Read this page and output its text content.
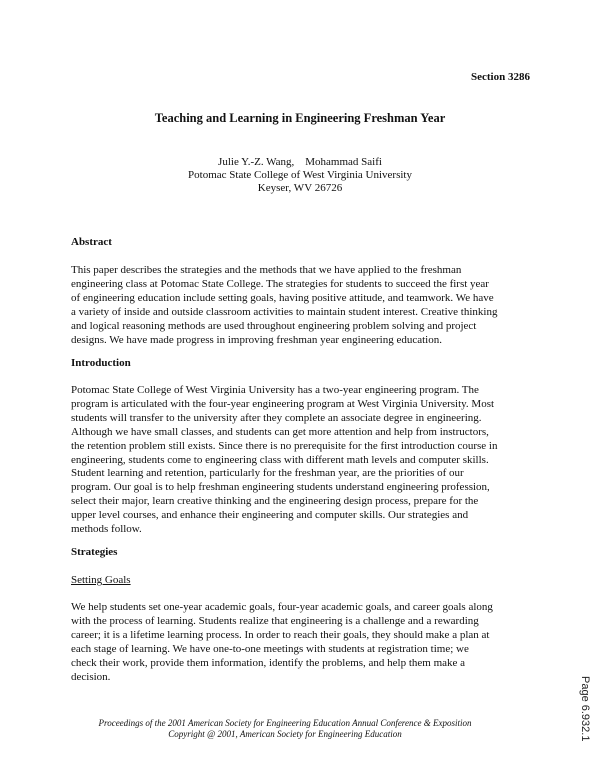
Section 3286
Teaching and Learning in Engineering Freshman Year
Julie Y.-Z. Wang,    Mohammad Saifi
Potomac State College of West Virginia University
Keyser, WV 26726
Abstract
This paper describes the strategies and the methods that we have applied to the freshman
engineering class at Potomac State College. The strategies for students to succeed the first year
of engineering education include setting goals, having positive attitude, and teamwork. We have
a variety of inside and outside classroom activities to maintain student interest. Creative thinking
and logical reasoning methods are used throughout engineering problem solving and project
designs. We have made progress in improving freshman year engineering education.
Introduction
Potomac State College of West Virginia University has a two-year engineering program. The
program is articulated with the four-year engineering program at West Virginia University. Most
students will transfer to the university after they complete an associate degree in engineering.
Although we have small classes, and students can get more attention and help from instructors,
the retention problem still exists. Since there is no prerequisite for the first introduction course in
engineering, students come to engineering class with different math levels and computer skills.
Student learning and retention, particularly for the freshman year, are the priorities of our
program. Our goal is to help freshman engineering students understand engineering profession,
select their major, learn creative thinking and the engineering design process, prepare for the
upper level courses, and enhance their engineering and computer skills. Our strategies and
methods follow.
Strategies
Setting Goals
We help students set one-year academic goals, four-year academic goals, and career goals along
with the process of learning. Students realize that engineering is a challenge and a rewarding
career; it is a lifetime learning process. In order to reach their goals, they should make a plan at
each stage of learning. We have one-to-one meetings with students at registration time; we
check their work, provide them information, identify the problems, and help them make a
decision.
Proceedings of the 2001 American Society for Engineering Education Annual Conference & Exposition
Copyright @ 2001, American Society for Engineering Education	Page 6.932.1
